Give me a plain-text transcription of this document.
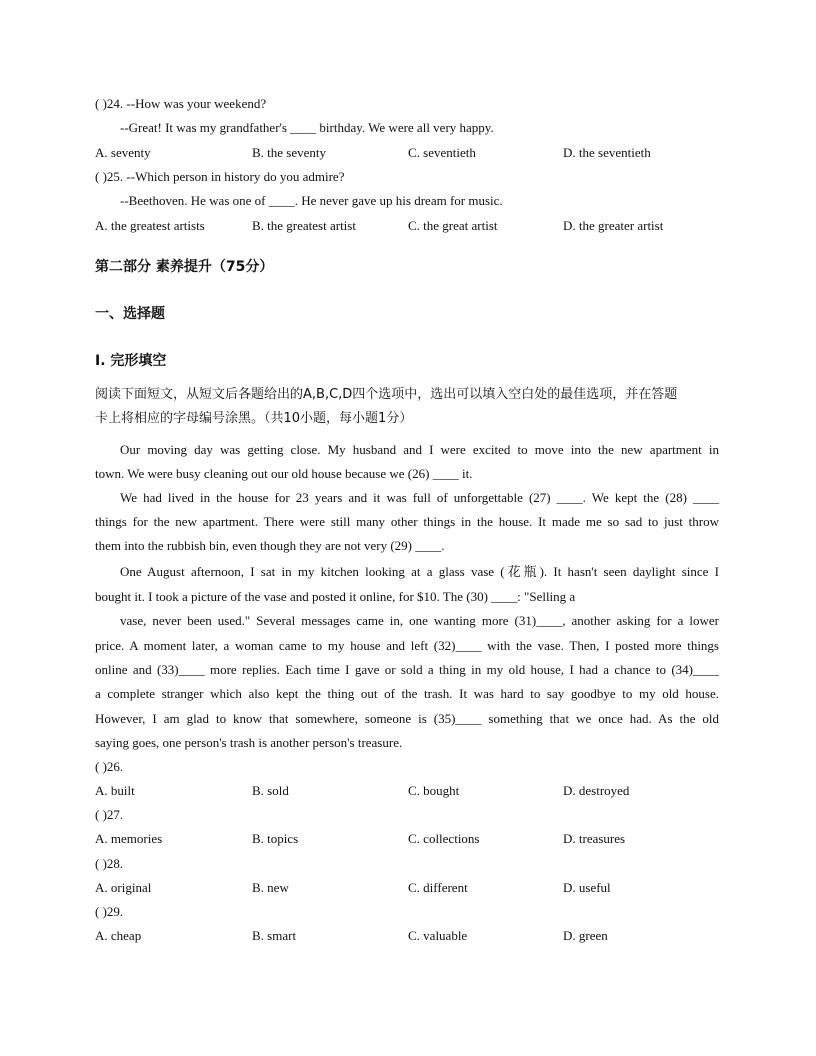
( )24. --How was your weekend?
--Great! It was my grandfather's ____ birthday. We were all very happy.
A. seventy	B. the seventy	C. seventieth	D. the seventieth
( )25. --Which person in history do you admire?
--Beethoven. He was one of ____. He never gave up his dream for music.
A. the greatest artists	B. the greatest artist	C. the great artist	D. the greater artist
第二部分 素养提升（75分）
一、选择题
I. 完形填空
阅读下面短文，从短文后各题给出的A,B,C,D四个选项中，选出可以填入空白处的最佳选项，并在答题
卡上将相应的字母编号涂黑。（共10小题，每小题1分）
Our moving day was getting close. My husband and I were excited to move into the new apartment in
town. We were busy cleaning out our old house because we (26) ____ it.
We had lived in the house for 23 years and it was full of unforgettable (27) ____. We kept the (28) ____
things for the new apartment. There were still many other things in the house. It made me so sad to just throw
them into the rubbish bin, even though they are not very (29) ____.
One August afternoon, I sat in my kitchen looking at a glass vase (花瓶). It hasn't seen daylight since I
bought it. I took a picture of the vase and posted it online, for $10. The (30) ____: "Selling a
vase, never been used." Several messages came in, one wanting more (31)____, another asking for a lower
price. A moment later, a woman came to my house and left (32)____ with the vase. Then, I posted more things
online and (33)____ more replies. Each time I gave or sold a thing in my old house, I had a chance to (34)____
a complete stranger which also kept the thing out of the trash. It was hard to say goodbye to my old house.
However, I am glad to know that somewhere, someone is (35)____ something that we once had. As the old
saying goes, one person's trash is another person's treasure.
( )26.
A. built	B. sold	C. bought	D. destroyed
( )27.
A. memories	B. topics	C. collections	D. treasures
( )28.
A. original	B. new	C. different	D. useful
( )29.
A. cheap	B. smart	C. valuable	D. green
